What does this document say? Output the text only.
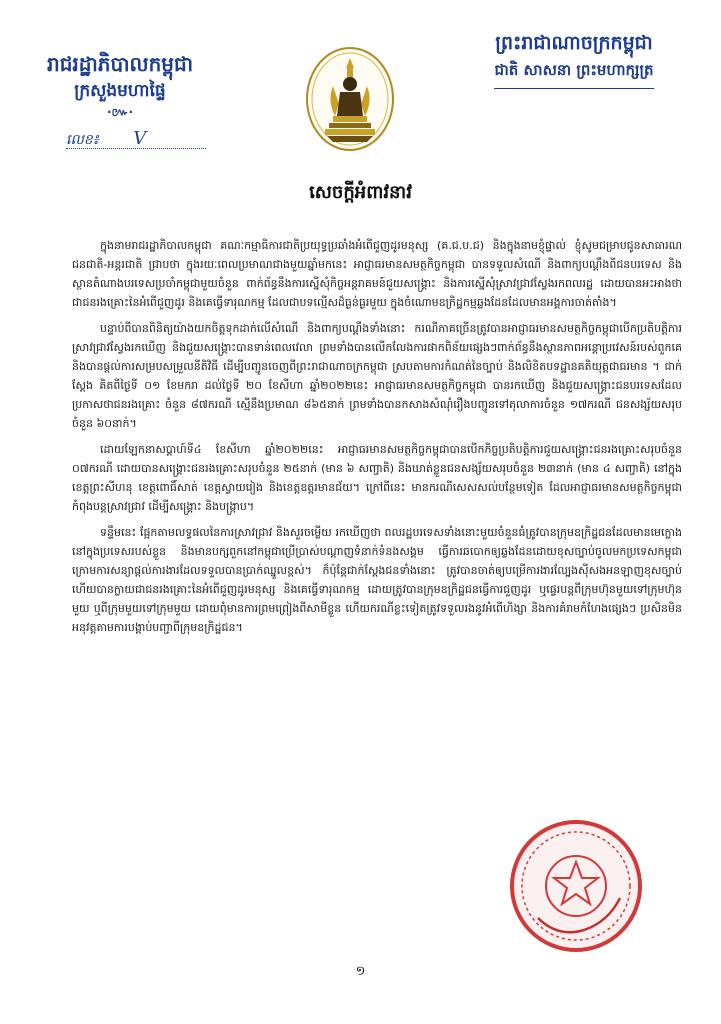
រាជរដ្ឋាភិបាលកម្ពុជា
ក្រសួងមហាផ្ទៃ
·៚·
លេខ៖ V
ព្រះរាជាណាចក្រកម្ពុជា
ជាតិ សាសនា ព្រះមហាក្សត្រ
សេចក្តីអំពាវនាវ

ក្នុងនាមរាជរដ្ឋាភិបាលកម្ពុជា គណៈកម្មាធិការជាតិប្រយុទ្ធប្រឆាំងអំពើជួញដូរមនុស្ស (គ.ជ.ប.ជ) និងក្នុងនាមខ្ញុំផ្ទាល់ ខ្ញុំសូមជម្រាបជូនសាធារណជនជាតិ-អន្តរជាតិ ជ្រាបថា ក្នុងរយៈពេលប្រមាណជាងមួយឆ្នាំមកនេះ អាជ្ញាធរមានសមត្ថកិច្ចកម្ពុជា បានទទួលសំណើ និងពាក្យបណ្តឹងពីជនបរទេស និងស្ថានតំណាងបរទេសប្រចាំកម្ពុជាមួយចំនួន ពាក់ព័ន្ធនឹងការស្នើសុំកិច្ចអន្តរាគមន៍ជួយសង្គ្រោះ និងការស្នើសុំស្រាវជ្រាវស្វែងរកពលរដ្ឋ ដោយបានអះអាងថាជាជនរងគ្រោះនៃអំពើជួញដូរ និងគេធ្វើទារុណកម្ម ដែលជាបទល្មើសដ៏ធ្ងន់ធ្ងរមួយ ក្នុងចំណោមឧក្រិដ្ឋកម្មឆ្លងដែនដែលមានអង្គការចាត់តាំង។

បន្ទាប់ពីបានពិនិត្យយ៉ាងយកចិត្តទុកដាក់លើសំណើ និងពាក្យបណ្តឹងទាំងនោះ ករណីភាគច្រើនត្រូវបានអាជ្ញាធរមានសមត្ថកិច្ចកម្ពុជាបើកប្រតិបត្តិការស្រាវជ្រាវស្វែងរកឃើញ និងជួយសង្គ្រោះបានទាន់ពេលវេលា ព្រមទាំងបានលើកលែងការផាកពិន័យផ្សេងៗពាក់ព័ន្ធនឹងស្ថានភាពអន្តោប្រវេសន៍របស់ពួកគេ និងបានផ្តល់ការសម្របសម្រួលនីតិវិធី ដើម្បីបញ្ជូនចេញពីព្រះរាជាណាចក្រកម្ពុជា ស្របតាមការកំណត់នៃច្បាប់ និងលិខិតបទដ្ឋានគតិយុត្តជាធរមាន ។ ជាក់ស្តែង គិតពីថ្ងៃទី ០១ ខែមករា ដល់ថ្ងៃទី ២០ ខែសីហា ឆ្នាំ២០២២នេះ អាជ្ញាធរមានសមត្ថកិច្ចកម្ពុជា បានរកឃើញ និងជួយសង្គ្រោះជនបរទេសដែលប្រកាសថាជនរងគ្រោះ ចំនួន ៨៧ករណី ស្មើនឹងប្រមាណ ៨៦៥នាក់ ព្រមទាំងបានកសាងសំណុំរឿងបញ្ជូនទៅតុលាការចំនួន ១៧ករណី ជនសង្ស័យសរុបចំនួន ៦០នាក់។

ដោយឡែកនាសប្តាហ៍ទី៤ ខែសីហា ឆ្នាំ២០២២នេះ អាជ្ញាធរមានសមត្ថកិច្ចកម្ពុជាបានបើកកិច្ចប្រតិបត្តិការជួយសង្គ្រោះជនរងគ្រោះសរុបចំនួន ០៧ករណី ដោយបានសង្គ្រោះជនរងគ្រោះសរុបចំនួន ២៥នាក់ (មាន ៦ សញ្ជាតិ) និងឃាត់ខ្លួនជនសង្ស័យសរុបចំនួន ២៣នាក់ (មាន ៤ សញ្ជាតិ) នៅក្នុងខេត្តព្រះសីហនុ ខេត្តពោធិ៍សាត់ ខេត្តស្វាយរៀង និងខេត្តឧត្តរមានជ័យ។ ក្រៅពីនេះ មានករណីសេសសល់បន្ថែមទៀត ដែលអាជ្ញាធរមានសមត្ថកិច្ចកម្ពុជាកំពុងបន្តស្រាវជ្រាវ ដើម្បីសង្គ្រោះ និងបង្ក្រាប។

ទន្ទឹមនេះ ផ្អែកតាមលទ្ធផលនៃការស្រាវជ្រាវ និងសួរចម្លើយ រកឃើញថា ពលរដ្ឋបរទេសទាំងនោះមួយចំនួនធំត្រូវបានក្រុមឧក្រិដ្ឋជនដែលមានមេក្លោងនៅក្នុងប្រទេសរបស់ខ្លួន និងមានបក្សពួកនៅកម្ពុជាប្រើប្រាស់បណ្តាញទំនាក់ទំនងសង្គម ធ្វើការឆបោកឲ្យឆ្លងដែនដោយខុសច្បាប់ចូលមកប្រទេសកម្ពុជា ក្រោមការសន្យាផ្តល់ការងារដែលទទួលបានប្រាក់ឈ្នួលខ្ពស់។ ក៏ប៉ុន្តែជាក់ស្តែងជនទាំងនោះ ត្រូវបានចាត់ឲ្យបម្រើការងារល្បែងស៊ីសងអនឡាញខុសច្បាប់ ហើយបានក្លាយជាជនរងគ្រោះនៃអំពើជួញដូរមនុស្ស និងគេធ្វើទារុណកម្ម ដោយត្រូវបានក្រុមឧក្រិដ្ឋជនធ្វើការជួញដូរ ឬផ្ទេរបន្តពីក្រុមហ៊ុនមួយទៅក្រុមហ៊ុនមួយ ឬពីក្រុមមួយទៅក្រុមមួយ ដោយពុំមានការព្រមព្រៀងពីសាមីខ្លួន ហើយករណីខ្លះទៀតត្រូវទទួលរងនូវអំពើហិង្សា និងការគំរាមកំហែងផ្សេងៗ ប្រសិនមិនអនុវត្តតាមការបង្គាប់បញ្ជាពីក្រុមឧក្រិដ្ឋជន។

១
